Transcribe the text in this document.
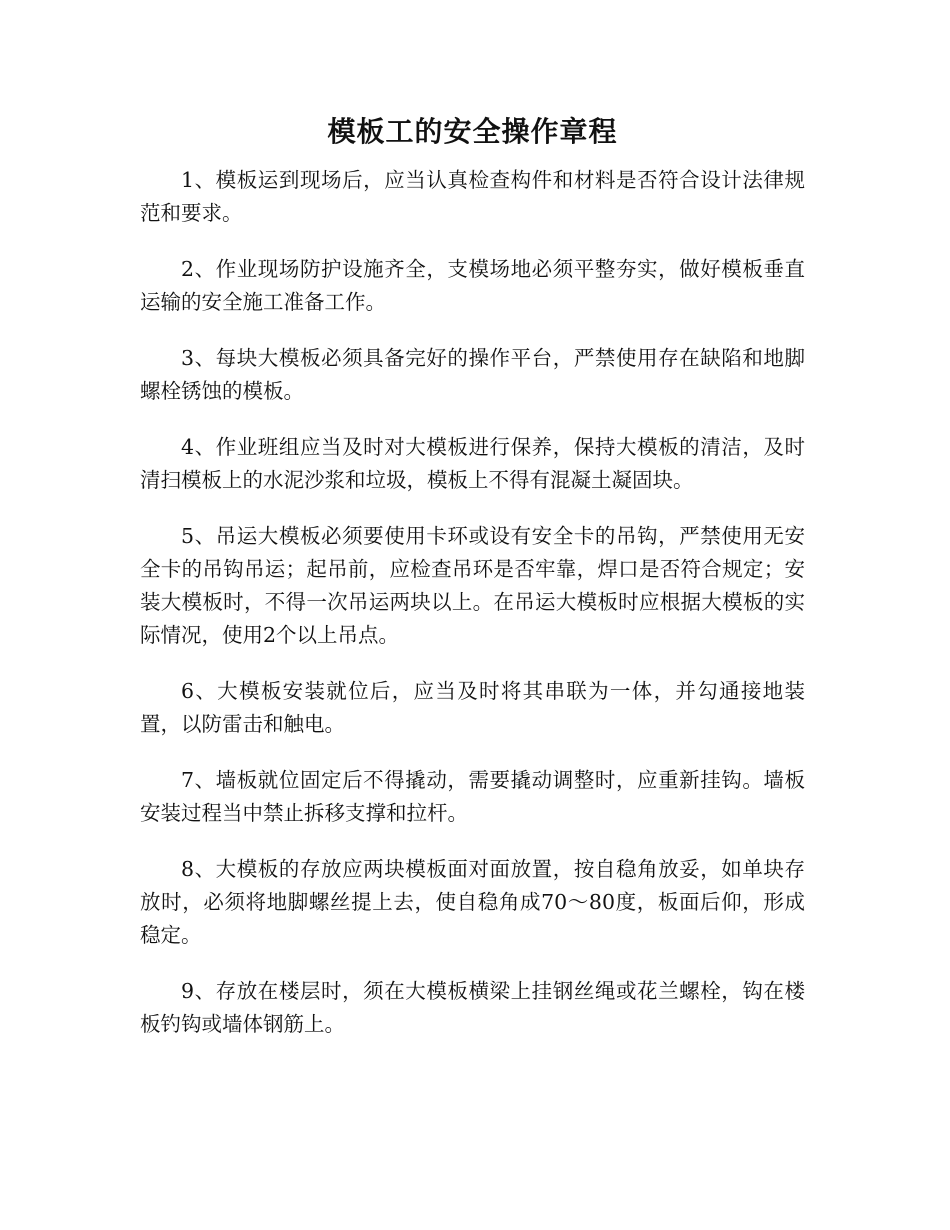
模板工的安全操作章程

1、模板运到现场后，应当认真检查构件和材料是否符合设计法律规范和要求。

2、作业现场防护设施齐全，支模场地必须平整夯实，做好模板垂直运输的安全施工准备工作。

3、每块大模板必须具备完好的操作平台，严禁使用存在缺陷和地脚螺栓锈蚀的模板。

4、作业班组应当及时对大模板进行保养，保持大模板的清洁，及时清扫模板上的水泥沙浆和垃圾，模板上不得有混凝土凝固块。

5、吊运大模板必须要使用卡环或设有安全卡的吊钩，严禁使用无安全卡的吊钩吊运；起吊前，应检查吊环是否牢靠，焊口是否符合规定；安装大模板时，不得一次吊运两块以上。在吊运大模板时应根据大模板的实际情况，使用2个以上吊点。

6、大模板安装就位后，应当及时将其串联为一体，并勾通接地装置，以防雷击和触电。

7、墙板就位固定后不得撬动，需要撬动调整时，应重新挂钩。墙板安装过程当中禁止拆移支撑和拉杆。

8、大模板的存放应两块模板面对面放置，按自稳角放妥，如单块存放时，必须将地脚螺丝提上去，使自稳角成70～80度，板面后仰，形成稳定。

9、存放在楼层时，须在大模板横梁上挂钢丝绳或花兰螺栓，钩在楼板钓钩或墙体钢筋上。
